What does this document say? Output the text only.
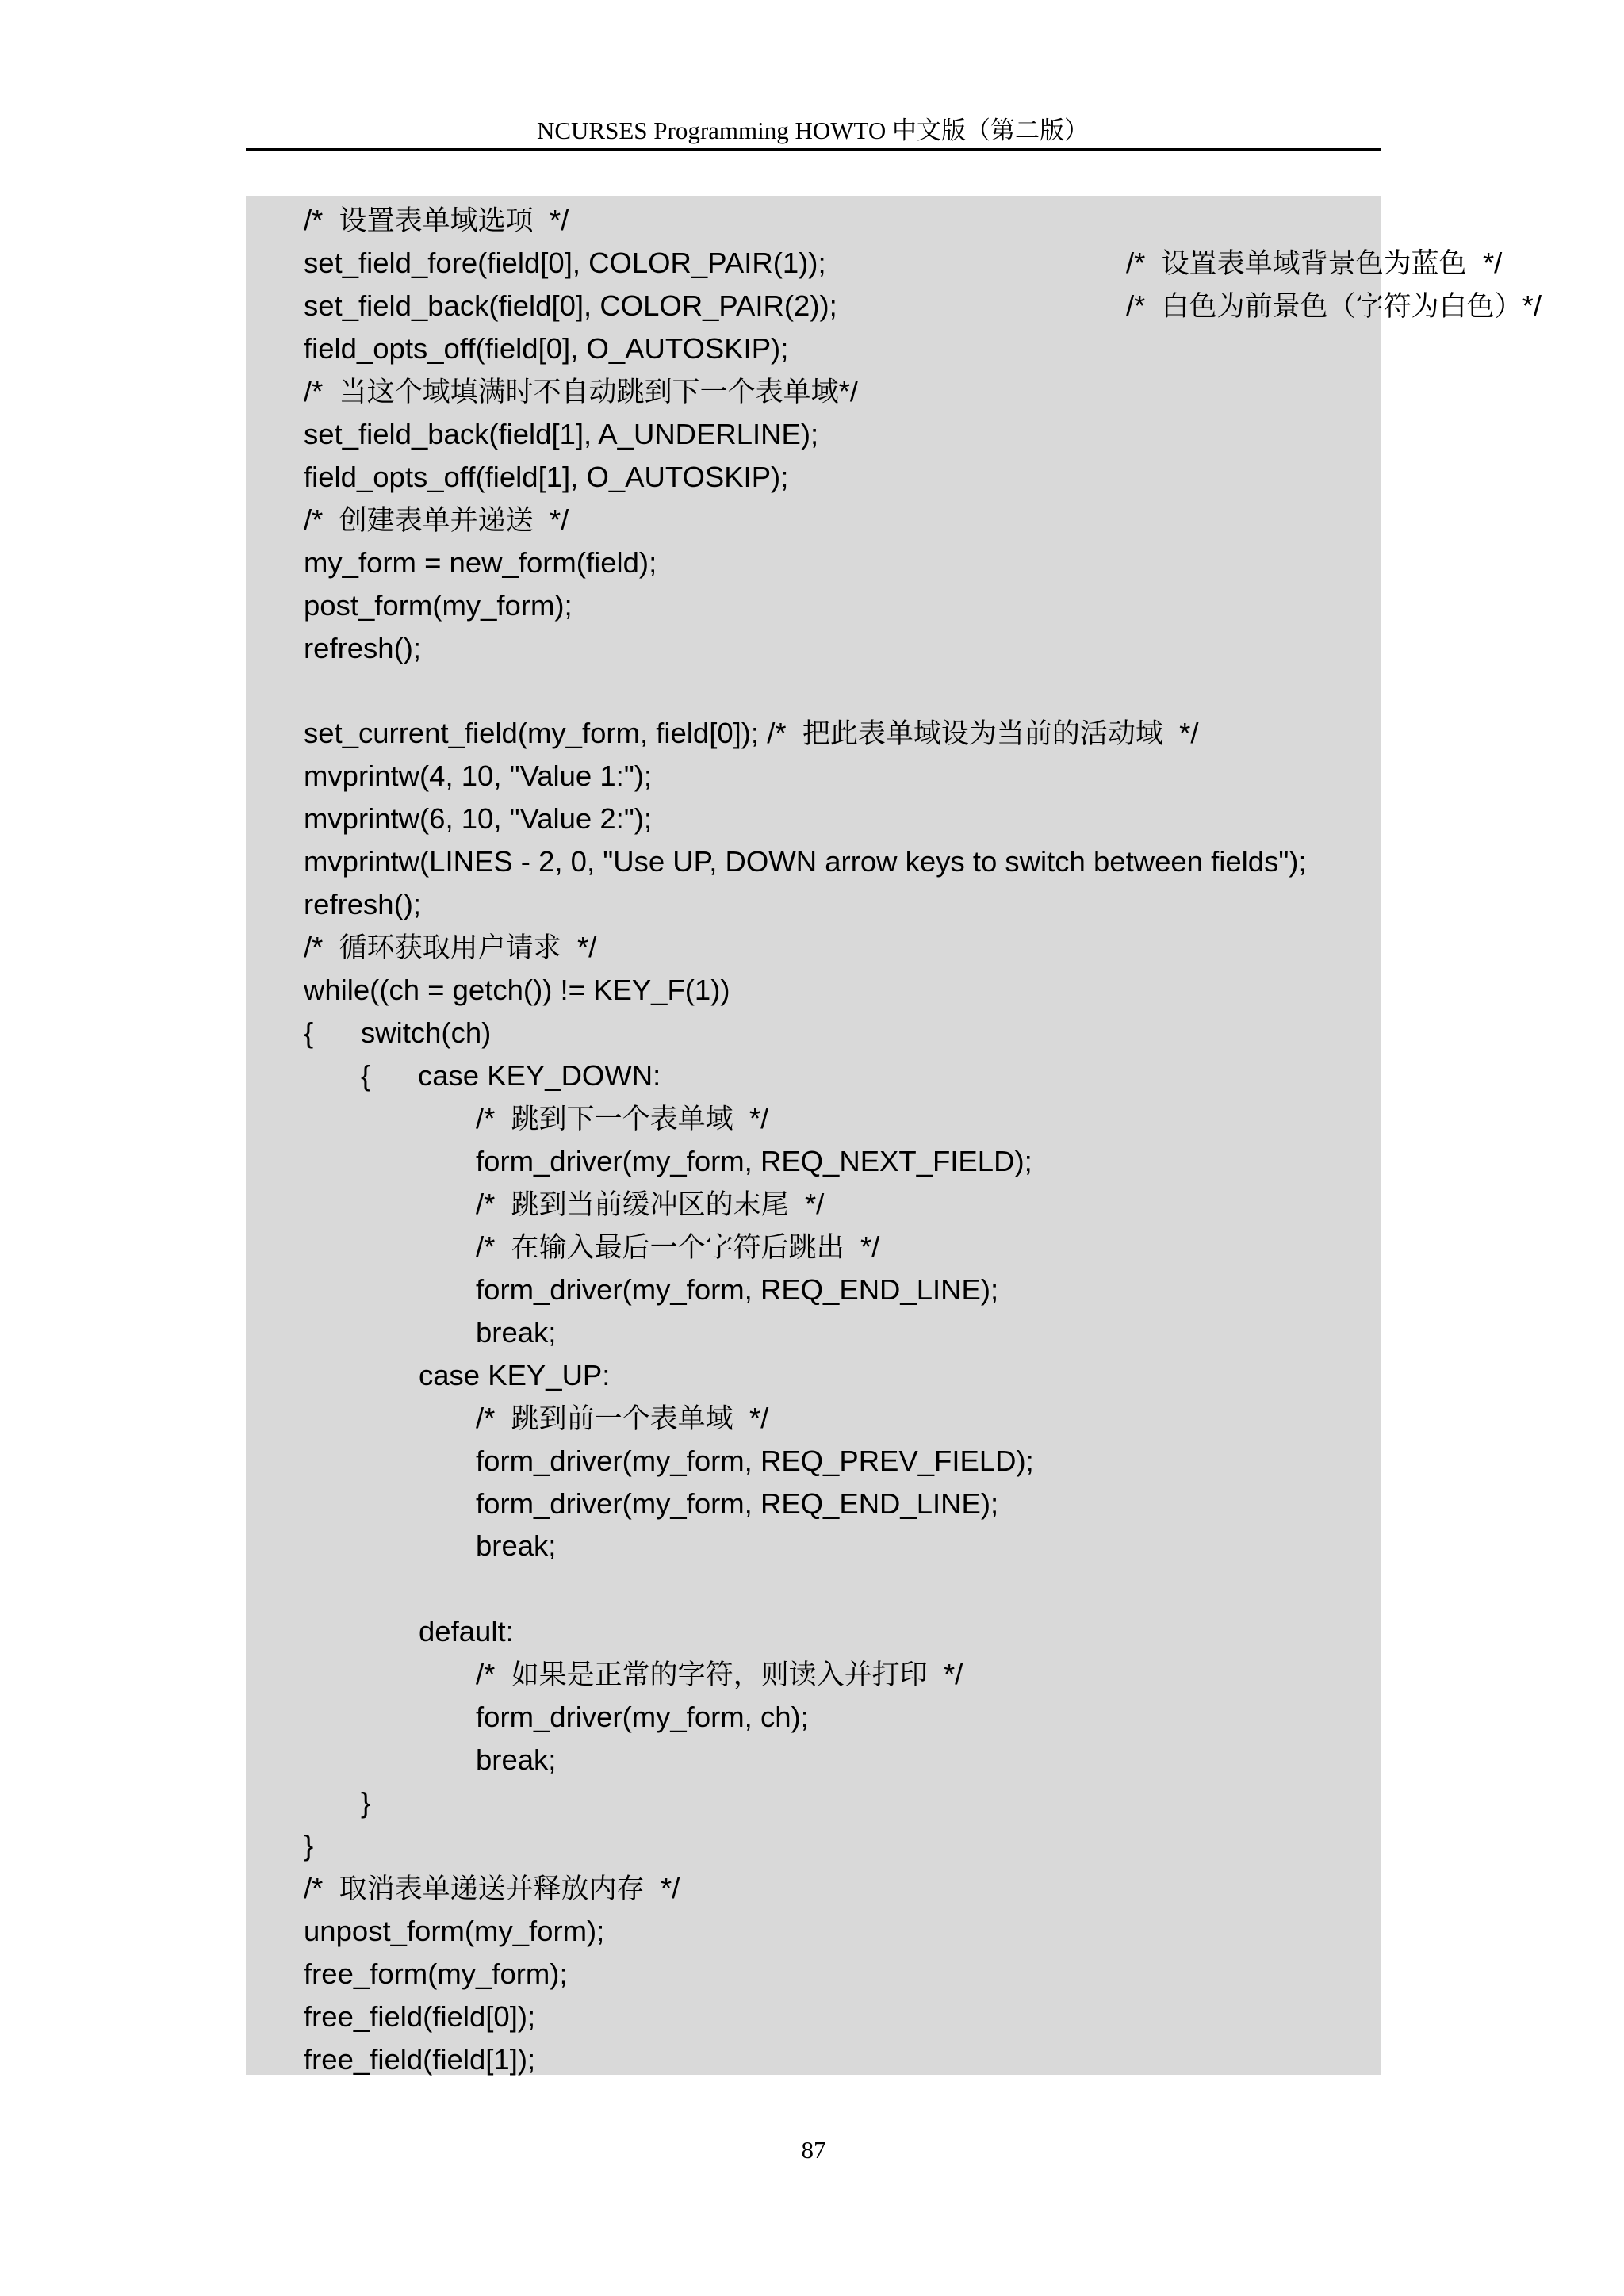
NCURSES Programming HOWTO 中文版（第二版）
/*  设置表单域选项  */
set_field_fore(field[0], COLOR_PAIR(1));	/*  设置表单域背景色为蓝色  */
set_field_back(field[0], COLOR_PAIR(2));	/*  白色为前景色（字符为白色）*/
field_opts_off(field[0], O_AUTOSKIP);
/*  当这个域填满时不自动跳到下一个表单域*/
set_field_back(field[1], A_UNDERLINE);
field_opts_off(field[1], O_AUTOSKIP);
/*  创建表单并递送  */
my_form = new_form(field);
post_form(my_form);
refresh();
set_current_field(my_form, field[0]); /*  把此表单域设为当前的活动域  */
mvprintw(4, 10, "Value 1:");
mvprintw(6, 10, "Value 2:");
mvprintw(LINES - 2, 0, "Use UP, DOWN arrow keys to switch between fields");
refresh();
/*  循环获取用户请求  */
while((ch = getch()) != KEY_F(1))
{ switch(ch)
{ case KEY_DOWN:
/*  跳到下一个表单域  */
form_driver(my_form, REQ_NEXT_FIELD);
/*  跳到当前缓冲区的末尾  */
/*  在输入最后一个字符后跳出  */
form_driver(my_form, REQ_END_LINE);
break;
case KEY_UP:
/*  跳到前一个表单域  */
form_driver(my_form, REQ_PREV_FIELD);
form_driver(my_form, REQ_END_LINE);
break;
default:
/*  如果是正常的字符，则读入并打印  */
form_driver(my_form, ch);
break;
}
}
/*  取消表单递送并释放内存  */
unpost_form(my_form);
free_form(my_form);
free_field(field[0]);
free_field(field[1]);
87
